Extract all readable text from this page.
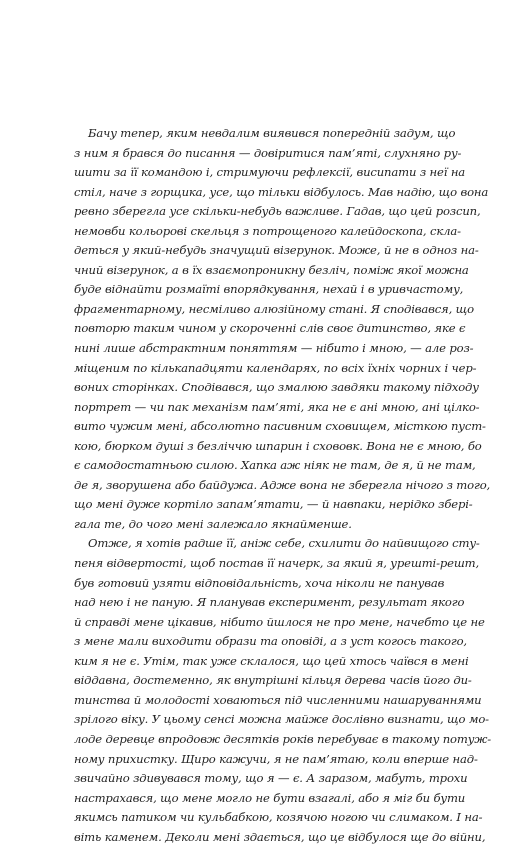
Бачу тепер, яким невдалим виявився попередній задум, що
з ним я брався до писання — довіритися пам’яті, слухняно ру-
шити за її командою і, стримуючи рефлексії, висипати з неї на
стіл, наче з горщика, усе, що тільки відбулось. Мав надію, що вона
ревно зберегла усе скільки-небудь важливе. Гадав, що цей розсип,
немовби кольорові скельця з потрощеного калейдоскопа, скла-
деться у який-небудь значущий візерунок. Може, й не в одноз на-
чний візерунок, а в їх взаємопроникну безліч, поміж якої можна
буде віднайти розмаїті впорядкування, нехай і в уривчастому,
фрагментарному, несміливо алюзійному стані. Я сподівався, що
повторю таким чином у скороченні слів своє дитинство, яке є
нині лише абстрактним поняттям — нібито і мною, — але роз-
міщеним по кількanaдцяти календарях, по всіх їхніх чорних і чер-
воних сторінках. Сподівався, що змалюю завдяки такому підходу
портрет — чи пак механізм пам’яті, яка не є ані мною, ані цілко-
вито чужим мені, абсолютно пасивним сховищем, місткою пуст-
кою, бюрком душі з безліччю шпарин і схововк. Вона не є мною, бо
є самодостатньою силою. Хапка аж ніяк не там, де я, й не там,
де я, зворушена або байдужа. Адже вона не зберегла нічого з того,
що мені дуже кортіло запам’ятати, — й навпаки, нерідко збері-
гала те, до чого мені залежало якнайменше.
Отже, я хотів радше її, аніж себе, схилити до найвищого сту-
пеня відвертості, щоб постав її начерк, за який я, урешті-решт,
був готовий узяти відповідальність, хоча ніколи не панував
над нею і не паную. Я планував експеримент, результат якого
й справді мене цікавив, нібито йшлося не про мене, начебто це не
з мене мали виходити образи та оповіді, а з уст когось такого,
ким я не є. Утім, так уже склалося, що цей хтось чаївся в мені
віддавна, достеменно, як внутрішні кільця дерева часів його ди-
тинства й молодості ховаються під численними нашаруваннями
зрілого віку. У цьому сенсі можна майже дослівно визнати, що мо-
лоде деревце впродовж десятків років перебуває в такому потуж-
ному прихистку. Щиро кажучи, я не пам’ятаю, коли вперше над-
звичайно здивувався тому, що я — є. А заразом, мабуть, трохи
настрахався, що мене могло не бути взагалі, або я міг би бути
якимсь патиком чи кульбабкою, козячою ногою чи слимаком. І на-
віть каменем. Деколи мені здається, що це відбулося ще до війни,
